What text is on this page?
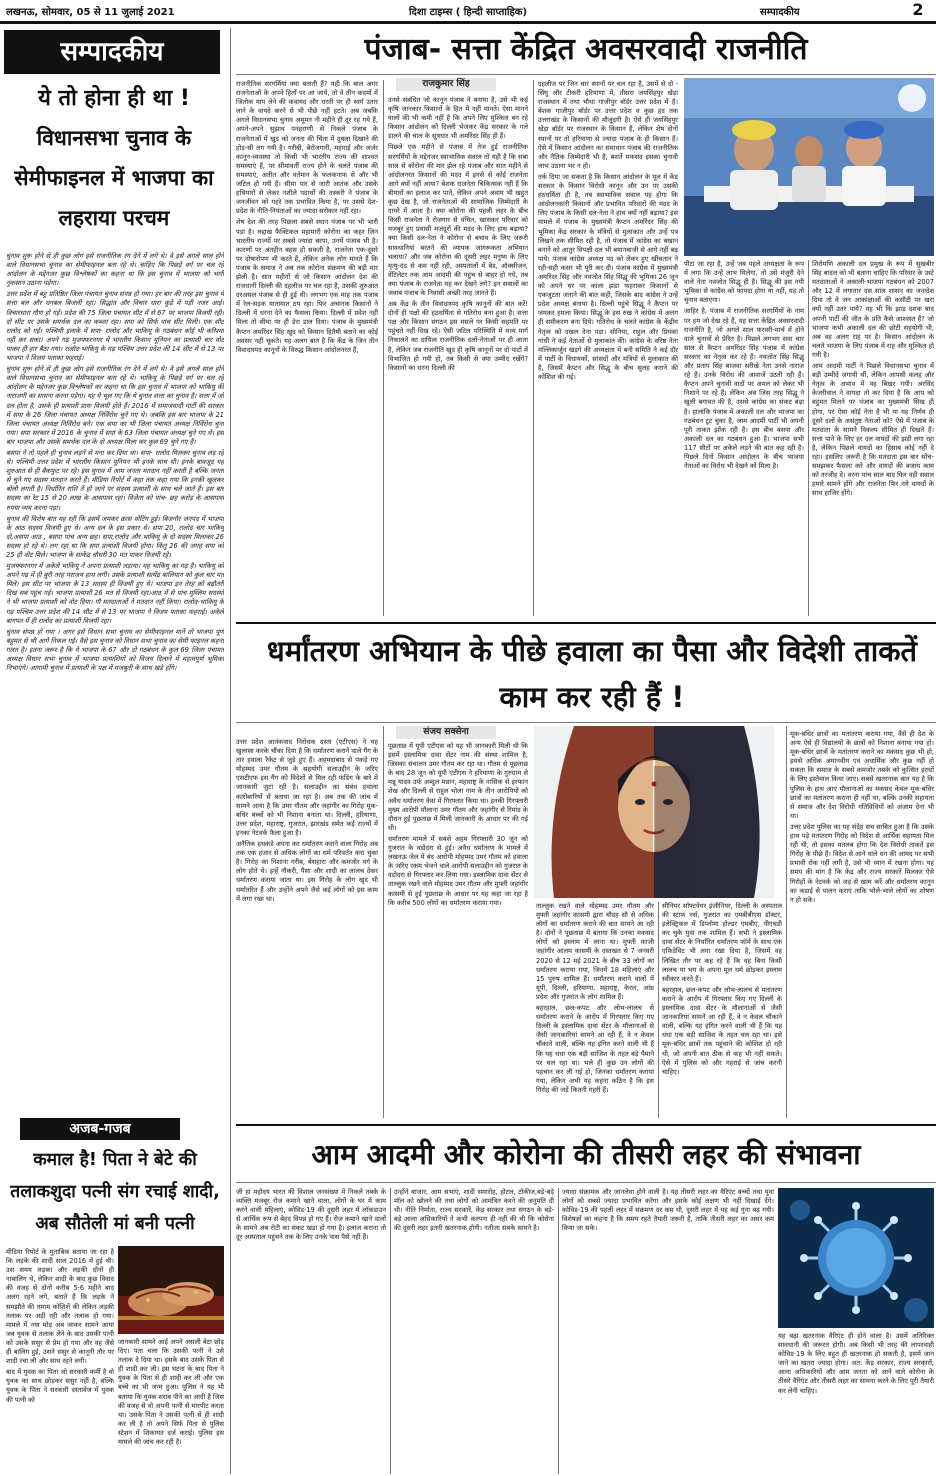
लखनऊ, सोमवार, 05 से 11 जुलाई 2021	दिशा टाइम्स ( हिन्दी साप्ताहिक)	सम्पादकीय	2
सम्पादकीय
ये तो होना ही था !
विधानसभा चुनाव के सेमीफाइनल में भाजपा का लहराया परचम

चुनाव शुरू होने से ही कुछ लोग इसे राजनीतिक रंग देने में लगे थे। वे इसे अगले साल होने वाले विधानसभा चुनाव का सेमीफाइनल बता रहे थे। चाहिए कि पिछड़े वर्ग पर चल रहे आंदोलन के मद्देनजर कुछ विश्लेषकों का कहना था कि इस चुनाव में भाजपा को भारी नुकसान उठाना पड़ेगा।

उत्तर प्रदेश में बहु प्रतिष्ठित जिला पंचायत चुनाव संपन्न हो गया। हर बार की तरह इस चुनाव में सत्ता बल और धनबल बिजली रहा। सिद्धांत और विचार धारा कूड़े में पड़ी नजर आई। विचारधारा गौण हो गई। प्रदेश की 75 जिला पंचायत सीट में से 67 पर भाजपा विजयी रही। दो सीट पर उसके समर्थक दल का कब्जा रहा। सपा को सिर्फ पांच सीट मिली। एक सीट रालोद को गई। पश्चिमी इलाके में सपा- रालोद और भाकियू के गठबंधन कोई भी करिश्मा नहीं कर सका। अपने गढ़ मुजफ्फरनगर में भारतीय किसान यूनियन का प्रत्याशी चार वोट पाकर ही हार बैठा गया। रालोद-भाकियू के गढ़ पश्चिम उत्तर प्रदेश की 14 सीट में से 13 पर भाजपा ने विजय पताका फहराई।

चुनाव शुरू होने से ही कुछ लोग इसे राजनीतिक रंग देने में लगे थे। वे इसे अगले साल होने वाले विधानसभा चुनाव का सेमीफाइनल बता रहे थे। भाकियू के पिछड़े वर्ग पर चल रहे आंदोलन के मद्देनजर कुछ विश्लेषकों का कहना था कि इस चुनाव में भाजपा को भाकियू की नाराजगी का सामना करना पड़ेगा। यह ये भूल गए कि ये चुनाव सत्ता का चुनाव है। सत्ता में जो दल होता है, उसके ही प्रत्याशी प्रायः विजयी होते हैं। 2016 में समाजवादी पार्टी की सरकार में सपा के 26 जिला पंचायत अध्यक्ष निर्विरोध चुने गए थे। जबकि इस बार भाजपा के 21 जिला पंचायत अध्यक्ष निर्विरोध बने। एक सपा का भी जिला पंचायत अध्यक्ष निर्विरोध चुना गया। सपा सरकार में 2016 के चुनाव में सपा के 63 जिला पंचायत अध्यक्ष चुने गए थे। इस बार भाजपा और उसके समर्थक दल के दो अध्यक्ष मिला कर कुल 69 चुने गए हैं।

बसपा ने तो पहले ही चुनाव लड़ने से मना कर दिया था। सपा- रालोद मिलकर चुनाव लड़ रहे थे। पश्चिमी उत्तर प्रदेश में भारतीय किसान यूनियन भी इनके साथ थी। इनके बावजूद यह शुरुआत से ही बैकफुट पर रहे। इस चुनाव में आम जनता मतदान नहीं करती है बल्कि जनता से चुने गए सदस्य मतदान करते हैं। मीडिया रिपोर्ट में कहा तक कहा गया कि इनकी खुलकर बोली लगती है। निर्धारित राशि तें हो जाने पर सदस्य प्रत्याशी के साथ चले जाते हैं। इस बार सदस्य का रेट 15 से 20 लाख के आसपास रहा। विजेता को पांच- छह करोड़ के आसपास रुपया व्यय करना पड़ा।

चुनाव की विशेष बात यह रही कि इसमें जमकर क्रास वोटिंग हुई। बिजनौर जनपद में भाजपा के आठ सदस्य विजयी हुए थे। अन्य दल के इस प्रकार थे। सपा 20, रालोद चार भाकियू दो,असपा आठ , बसपा पांच अन्य छह। सपा,रालोद और भाकियू के दो सदस्य मिलाकर 26 सदस्य हो रहे थे। लग रहा था कि सपा प्रत्याशी विजयी होगा। किंतु 26 की जगह सपा को 25 ही वोट मिले। भाजपा के साकेंद्र चौधरी 30 मत पाकर विजयी रहे।

मुजफ्फरनगर में अकेले भाकियू ने अपना प्रत्याशी लड़ाया। यह भाकियू का गढ़ है। भाकियू को अपने गढ़ में ही बुरी तरह पराजय हाथ लगी। उसके प्रत्याशी सत्येंद्र बालियान को कुल चार मत मिले। इस सीट पर भाजपा के 13 सदस्य ही विजयी हुए थे। भाजपा इन तेरह को बढ़ौतरी दिख सब पहुंच गई। भाजपा प्रत्याशी 26 मत से विजयी रहा।आठ में से पांच मुस्लिम सदस्यों ने भी भाजपा प्रत्याशी को वोट दिया। गौ मतदाताओं ने मतदान नहीं किया। रालोद-भाकियू के गढ़ पश्चिम उत्तर प्रदेश की 14 सीट में से 13 पर भाजपा ने विजय पताका फहराई। अकेले बागपत में ही रालोद का प्रत्याशी विजयी रहा।

चुनाव संपन्न हो गया । अगर इसे विधान सभा चुनाव का सेमीफाइनल मानें तो भाजपा पूर्ण बहुमत से भी आगे निकल गई। वैसे इस चुनाव को विधान सभा चुनाव का सेमी फाइनल कहना गलत है। इतना जरूर है कि ये भाजपा के 67 और दो गठबंधन के कुल 69 जिला पंचायत अध्यक्ष विधान सभा चुनाव में भाजपा प्रत्याशियों को विजय दिलाने में महत्वपूर्ण भूमिका निभाएंगे। आगामी चुनाव में प्रत्याशी के पक्ष में मजबूती के साथ खड़े होंगे।

अजब-गजब
कमाल है! पिता ने बेटे की तलाकशुदा पत्नी संग रचाई शादी, अब सौतेली मां बनी पत्नी

मीडिया रिपोर्ट के मुताबिक बताया जा रहा है कि लड़के की शादी साल 2016 में हुई थी। उस समय लड़का और लड़की दोनों ही नाबालिग थे, लेकिन शादी के बाद कुछ विवाद की वजह से दोनों करीब 5-6 महीने बाद अलग रहने लगे, बताते हैं कि लड़के ने समझौते की तमाम कोशिशें की लेकिन लड़की तलाक पर अड़ी रही और तलाक हो गया। मामले में नया मोड़ अब जाकर सामने आया जब युवक से तलाक लेने के बाद उसकी पत्नी को उसके ससुर से प्रेम हो गया और वह जैसे ही बालिग हुई, उसने ससुर से कानूनी तौर पर शादी रचा ली और साथ रहने लगी।

बाद में युवक का पिता जो सरकारी कर्मी है वो युवक का साथ छोड़कर ससुर नहीं है, बल्कि युवक के पिता ने सरकारी दस्तावेज में युवक की पत्नी को

जानकारी सामने आई अपने असली बेटा छोड़ दिए। पता चला कि उसकी पत्नी ने उसे तलाक दे दिया था। इसके बाद उसके पिता से ही शादी कर ली। इस घटना के बाद पिता ने युवक के पिता से ही शादी कर ली और एक बच्चे का भी जन्म हुआ। पुलिस ने यह भी बताया कि युवक शराब पीने का आदी है जिस की वजह से वो अपनी पत्नी से मारपीट करता था। उसके पिता ने उसकी पत्नी से ही शादी कर ली है तो अपने सिर्फ पिता से पुलिस स्टेशन में शिकायत दर्ज कराई। पुलिस इस मामले की जांच कर रही है।

पंजाब- सत्ता केंद्रित अवसरवादी राजनीति
राजकुमार सिंह

राजनीतिक सरगर्मियां क्या बताती हैं? यही कि बाल अगर राजनेताओं के अपने हितों पर आ जाये, तो वे तीन कदमों में जितोक माप लेने की कवायद और धरती पर ही स्वर्ग उतार लाने के वायदे करने से भी पीछे नहीं हटते। अब जबकि अगले विधानसभा चुनाव अमूमन नौ महीने ही दूर रह गये हैं, अपने-अपने सुझाव पनहराणी से निकले पंजाब के राजनेताओं में खुद को जनता की चिंता में दुबला दिखाने की होड़-सी लग गयी है। गरीबी, बेरोजगारी, महंगाई और जर्जर कानून-व्यवस्था तो किसी भी भारतीय राज्य की शाश्वत समस्याएं हैं, पर सीमावर्ती राज्य होने के चलते पंजाब की समस्याएं, अतीत और वर्तमान के फलकनाफ से और भी जटिल हो गयी हैं। सीमा पार से जारी आतंक और उसके हथियारों से लेकर नशीले पदार्थों की तस्करी ने पंजाब के जनजीवन को गहरे तक प्रभावित किया है, पर उससे देश-प्रदेश के नीति-नियंताओं का ज्यादा सरोकार नहीं रहा।

शेष देश की तरह पिछला सबसे स्थान पंजाब पर भी भारी पड़ा है। लद्दाख फैक्टिकल महामारी कोरोना का कहर जिन भारतीय राज्यों पर सबसे ज्यादा बरपा, उनमें पंजाब भी है। कारणों पर अंतहीन बहस हो सकती है, राजनेता एक-दूसरे पर दोषारोपण भी करते हैं, लेकिन अनेक लोग मानते हैं कि पंजाब के समाज ने अब तक कोरोना संक्रमण की बड़ी मार झेली है। सात महीनों से जो किसान आंदोलन देश की राजधानी दिल्ली की दहलीज पर चल रहा है, उसकी शुरुआत दरअसल पंजाब से ही हुई थी। लगभग एक माह तक पंजाब में रेल-सड़क यातायात ठप रहा। फिर अचानक किसानों ने दिल्ली में धरना देने का फैसला किया। दिल्ली में प्रवेश नहीं मिला तो सीमा पर ही डेरा डाल दिया। पंजाब के मुख्यमंत्री कैप्टन अमरिंदर सिंह खुद को किसान हितैषी बताने का कोई अवसर नहीं चूकते। यह अलग बात है कि केंद्र के जिन तीन विवादास्पद कानूनों के विरुद्ध किसान आंदोलनरत हैं,

उनसे संबंधित जो कानून पंजाब ने बनाया है, उसे भी कई कृषि जानकार किसानों के हित में नहीं मानते। ऐसा मानने वालों की भी कमी नहीं है कि अपने लिए मुश्किल बन रहे किसान आंदोलन को दिल्ली भेजकर केंद्र सरकार के गले डालने की चाल के सूत्रधार भी अमरिंदर सिंह ही हैं।

पिछले एक महीने से पंजाब में तेज हुई राजनीतिक सरगर्मियों के मद्देनजर स्वाभाविक सवाल तो यही है कि सबा साल से कोरोना की मार झेल रहे पंजाब और सात महीने से आंदोलनरत किसानों की मदद में इनसे से कोई राजनेता आगे क्यों नहीं आया? बेशक राजनेता चिकित्सक नहीं हैं कि बीमारों का इलाज कर पाते, लेकिन अपने अवाम भी खहुत कुछ देख है, जो राजनेताओं की सामाजिक जिम्मेदारी के दायरे में आता है। क्या कोरोना की पहली लहर के बीच किसी राजनेता ने रोजगार से वंचित, खासकर परिवार को मजबूर हुए प्रवासी मजदूरों की मदद के लिए हाथ बढ़ाया? क्या किसी दल-नेता ने कोरोना से बचाव के लिए जरूरी सावधानियां बरतने की व्यापक जागरूकता अभियान चलाया? और जब कोरोना की दूसरी लहर मनुष्य के लिए मृत्यु-दंड से कम नहीं रही, अस्पतालों में बेड, ऑक्सीजन, वेंटिलेटर तक आम आदमी की पहुंच से बाहर हो गये, तब क्या पंजाब के राजनेता यह कर देखने लगे? इन सवालों का जवाब पंजाब के निवासी अच्छी तरह जानते हैं।

अब केंद्र के तीन विवादास्पद कृषि कानूनों की बात करें! दोनों ही पक्षों की हठधर्मिता से गतिरोध बना हुआ है। सत्ता पक्ष और किसान संगठन इस मसले पर किसी सहमति पर पहुंचते नहीं दिख रहे। ऐसी जटिल परिस्थिति में मध्य मार्ग निकालने का दायित्व राजनीतिक दलों-नेताओं पर ही आता है, लेकिन जब राजनीति खुद ही कृषि कानूनों पर दो पाटों में विभाजित हो गयी हो, तब किसी से क्या उम्मीद रखेंगे? किसानों का धरना दिल्ली की

दहलीज पर जिन चार स्थानों पर चल रहा है, उसमें से दो - सिंघु और टीकरी हरियाणा में, तीसरा जयसिंहपुर खेड़ा राजस्थान में तथा चौथा गाजीपुर बॉर्डर उत्तर प्रदेश में है। बेशक गाजीपुर बॉर्डर पर उत्तर प्रदेश व कुछ हद तक उत्तराखंड के किसानों की मौजूदगी है। ऐसे ही जयसिंहपुर खेड़ा बॉर्डर पर राजस्थान के किसान हैं, लेकिन शेष दोनों स्थानों पर तो हरियाणा से ज्यादा पंजाब के ही किसान हैं। ऐसे में किसान आंदोलन का समाधान पंजाब की राजनीतिक और नैतिक जिम्मेदारी भी है, बशर्ते मकसद इसका चुनावी लाभ उठाना भर न हो।

तर्क दिया जा सकता है कि किसान आंदोलन के मूल में केंद्र सरकार के किसान विरोधी कानून और उन पर उसकी हठधर्मिता ही है, तब स्वाभाविक सवाल यह होगा कि आंदोलनकारी किसानों और प्रभावित परिवारों की मदद के लिए पंजाब के किसी दल-नेता ने हाथ क्यों नहीं बढ़ाया? इस मामले में पंजाब के मुख्यमंत्री कैप्टन अमरिंदर सिंह की भूमिका केंद्र सरकार के मंत्रियों से मुलाकात और उन्हें पत्र लिखने तक सीमित रही है, तो पंजाब में कांग्रेस का बखान बनाने को आतुर विपक्षी दल भी बयानबाजी से आगे नहीं बढ़ पाये। पंजाब कांग्रेस अध्यक्ष पद को लेकर हुए खींचतान ने रही-सही कसर भी पूरी कर दी। पंजाब कांग्रेस में मुख्यमंत्री अमरिंदर सिंह और नवजोत सिंह सिद्धू की भूमिका 26 जून को अपने घर पर काला झंडा फहराकर किसानों से एकजुटता जताने की बात कही, जिसके बाद कांग्रेस ने उन्हें प्रदेश अध्यक्ष बनाया है। दिल्ली पहुंचे सिद्धू ने कैप्टन पर जमकर हमला किया। सिद्धू के इस रुख ने कांग्रेस में अलग ही समीकरण बना दिये। गतिरोध के चलते कांग्रेस के केंद्रीय नेतृत्व को दखल देना पड़ा। सोनिया, राहुल और प्रियंका गांधी ने कई नेताओं से मुलाकात की। कांग्रेस के वरिष्ठ नेता मल्लिकार्जुन खड़गे की अध्यक्षता में बनी समिति ने कई दौर में पार्टी के विधायकों, सांसदों और मंत्रियों से मुलाकात की है, जिसमें कैप्टन और सिद्धू के बीच सुलह कराने की कोशिश की गई।

पीटा जा रहा है, उन्हें जब पहले अध्यक्षता के रूप में लगा कि उन्हें लाभ मिलेगा, तो उसे मंजूरी देने वाले नेता नवजोत सिद्धू ही हैं। सिद्धू की इस नयी भूमिका से कांग्रेस को फायदा होगा या नहीं, यह तो चुनाव बताएगा।

जाहिर है, पंजाब में राजनीतिक सरगर्मियों के नाम पर हम जो देख रहे हैं, वह सत्ता केंद्रित अवसरवादी राजनीति है, जो अगले साल फरवरी-मार्च में होने वाले चुनावों से प्रेरित है। पिछले लगभग सवा चार साल से कैप्टन अमरिंदर सिंह पंजाब में कांग्रेस सरकार का नेतृत्व कर रहे हैं। नवजोत सिंह सिद्धू और प्रताप सिंह बाजवा सरीखे नेता उनसे नाराज रहे हैं। उनके विरोध की आवाजें उठती रही हैं। कैप्टन अपने चुनावी वादों पर अमल को लेकर भी निशाने पर रहे हैं। लेकिन अब जिस तरह सिद्धू ने खुली बगावत की है, उससे कांग्रेस का संकट बढ़ा है। हालांकि पंजाब में अकाली दल और भाजपा का गठबंधन टूट चुका है, आम आदमी पार्टी भी अपनी पूरी ताकत झोंक रही है। इस बीच बसपा और अकाली दल का गठबंधन हुआ है। भाजपा सभी 117 सीटों पर अकेले लड़ने की बात कह रही है। पिछले दिनों किसान आंदोलन के बीच भाजपा नेताओं का विरोध भी देखने को मिला है।

शिरोमणि अकाली दल प्रमुख के रूप में सुखबीर सिंह बादल को भी बताना चाहिए कि परिवार के उस्टे मतदाताओं ने अकाली-भाजपा गठबंधन को 2007 और 12 में लगातार दस साल शासन का जनादेश दिया तो वे जन आकांक्षाओं की कसौटी पर खरा क्यों नहीं उतर पाये? वह भी कि झाड़ दशक बाद अपनी पार्टी की जीत के प्रति कैसे आश्वस्त हैं? जो भाजपा कभी अकाली दल की छोटी सहयोगी थी, अब वह अलग राह पर है। किसान आंदोलन के चलते भाजपा के लिए पंजाब में राह और मुश्किल हो गयी है।

आम आदमी पार्टी ने पिछले विधानसभा चुनाव में बड़ी उम्मीदें जगायी थीं, लेकिन आपसी कलह और नेतृत्व के अभाव में वह बिखर गयी। अरविंद केजरीवाल ने वायदा तो कर दिया है कि आप को बहुमत मिलने पर पंजाब का मुख्यमंत्री सिख ही होगा, पर ऐसा कोई नेता है भी या यह निर्णय ही दूसरे दलों के असंतुष्ट नेताओं को? ऐसे में पंजाब के मतदाता के सामने विकल्प सीमित ही दिखते हैं। सत्ता पाने के लिए हर दल वायदों की झड़ी लगा रहा है, लेकिन पिछले वायदों का हिसाब कोई नहीं दे रहा। इसलिए जरूरी है कि मतदाता इस बार सोच-समझकर फैसला करे और वायदों की बजाय काम को तरजीह दे। वरना पांच साल बाद फिर वही सवाल हमारे सामने होंगे और राजनेता फिर नये वायदों के साथ हाजिर होंगे।

धर्मांतरण अभियान के पीछे हवाला का पैसा और विदेशी ताकतें काम कर रही हैं !
संजय सक्सेना

उत्तर प्रदेश आतंकवाद निरोधक दस्ता (एटीएस) ने यह खुलासा करके चौंका दिया है कि धर्मांतरण कराने वाले गैंग के तार हवाला रैकेट से जुड़े हुए हैं। अहमदाबाद से पकड़े गए मोहम्मद उमर गौतम के सहयोगी सलाउद्दीन के जरिए एसटीएफ इस गैंग को विदेशों से मिल रही फंडिंग के बारे में जानकारी जुटा रही है। सलाउद्दीन का संबंध हवाला कारोबारियों से बताया जा रहा है। अब तक की जांच में सामने आया है कि उमर गौतम और जहांगीर का गिरोह मूक-बधिर बच्चों को भी निशाना बनाता था। दिल्ली, हरियाणा, उत्तर प्रदेश, महाराष्ट्र, गुजरात, झारखंड समेत कई राज्यों में इनका नेटवर्क फैला हुआ है।

अनैतिक हथकंडे अपना कर धर्मांतरण कराने वाला गिरोह अब तक एक हजार से अधिक लोगों का धर्म परिवर्तन करा चुका है। गिरोह का निशाना गरीब, बेसहारा और कमजोर वर्ग के लोग होते थे। इन्हें नौकरी, पैसा और शादी का लालच देकर धर्मांतरण कराया जाता था। इस गिरोह के लोग खुद भी धर्मांतरित हैं और उन्होंने अपने जैसे कई लोगों को इस काम में लगा रखा था।

पूछताछ में यूपी एटीएस को यह भी जानकारी मिली थी कि इसमें इस्लामिक दावा सेंटर नाम की संस्था शामिल है, जिसका संचालन उमर गौतम कर रहा था। गौतम से पूछताछ के बाद 28 जून को यूपी एटीएस ने हरियाणा के गुरुग्राम से मन्नू यादव उर्फ अब्दुल मन्नान, महाराष्ट्र के नासिक से इरफान शेख और दिल्ली से राहुल भोला नाम के तीन आरोपियों को अवैध धर्मांतरण केस में गिरफ्तार किया था। इनकी गिरफ्तारी मुख्य आरोपी मौलाना उमर गौतम और जहांगीर से रिमांड के दौरान हुई पूछताछ में मिली जानकारी के आधार पर की गई थी।

धर्मांतरण मामले में सबसे अहम गिरफ्तारी 30 जून को गुजरात के वडोदरा से हुई। अवैध धर्मांतरण के मामले में लखनऊ जेल में बंद आरोपी मोहम्मद उमर गौतम को हवाला के जरिए रकम भेजने वाले आरोपी सलाउद्दीन को गुजरात के वडोदरा से गिरफ्तार कर लिया गया। इस्लामिक दावा सेंटर से ताल्लुक रखने वाले मोहम्मद उमर गौतम और मुफ्ती जहांगीर कासमी से हुई पूछताछ के आधार पर यह कहा जा रहा है कि करीब 500 लोगों का धर्मांतरण कराया गया।	ताल्लुक रखने वाले मोहम्मद उमर गौतम और मुफ्ती जहांगीर कासमी द्वारा चौदह सौ से अधिक लोगों का धर्मांतरण कराने की बात सामने आ रही है। दोनों ने पूछताछ में बताया कि उनका मकसद लोगों को इस्लाम में लाना था। मुफ्ती काजी जहांगीर आलम कासमी के दस्तखत से 7 जनवरी 2020 से 12 मई 2021 के बीच 33 लोगों का धर्मांतरण कराया गया, जिनमें 18 महिलाएं और 15 पुरुष शामिल हैं। धर्मांतरण कराने वालों में यूपी, दिल्ली, हरियाणा, महाराष्ट्र, केरल, आंध्र प्रदेश और गुजरात के लोग शामिल हैं।

बहरहाल, छल-कपट और लोभ-लालच से धर्मांतरण कराने के आरोप में गिरफ्तार किए गए दिल्ली के इस्लामिक दावा सेंटर के मौलानाओं से जैसी जानकारियां सामने आ रही हैं, वे न केवल चौंकाने वाली, बल्कि यह इंगित करने वाली भी हैं कि यह धंधा एक बड़ी साजिश के तहत बड़े पैमाने पर चल रहा था। भले ही कुछ उन लोगों की पहचान कर ली गई हो, जिनका धर्मांतरण कराया गया, लेकिन अभी यह कहना कठिन है कि इस गिरोह की जड़ें कितनी गहरी हैं।

सीनियर सॉफ्टवेयर इंजीनियर, दिल्ली के अस्पताल की स्टाफ नर्स, गुजरात का एमबीबीएस डॉक्टर, इलेक्ट्रिकल में डिप्लोमा होल्डर एमबीए, पीएचडी कर चुके युवा तक शामिल हैं। सभी ने इस्लामिक दावा सेंटर के निर्धारित धर्मांतरण फॉर्म के साथ एक एफिडेविट भी लगा रखा दिया है, जिसमें वह लिखित तौर पर कह रहे हैं कि वह बिना किसी लालच या भय के अपना मूल धर्म छोड़कर इस्लाम स्वीकार करते हैं।

बहरहाल, छल-कपट और लोभ-लालच से मतांतरण कराने के आरोप में गिरफ्तार किए गए दिल्ली के इस्लामिक दावा सेंटर के मौलानाओं से जैसी जानकारियां सामने आ रही हैं, वे न केवल चौंकाने वाली, बल्कि यह इंगित करने वाली भी हैं कि यह धंधा एक बड़ी साजिश के तहत चल रहा था। इसे मूक-बधिर छात्रों तक पहुंचाने की कोशिश हो रही थी, जो अपनी बात ठीक से कह भी नहीं सकते। ऐसे में पुलिस को और गहराई से जांच करनी चाहिए।

मूक-बधिर छात्रों का मतांतरण कराया गया, वैसे ही देश के अन्य ऐसे ही विद्यालयों के छात्रों को निशाना बनाया गया हो। मूक-बधिर छात्रों के मतांतरण कराने का मकसद कुछ भी हो, इससे अधिक अमानवीय एवं अधार्मिक और कुछ नहीं हो सकता कि समाज के सबसे कमजोर तबके को कुत्सित इरादों के लिए इस्तेमाल किया जाए। सबसे खतरनाक बात यह है कि पुलिस के हाथ आए मौलानाओं का मकसद केवल मूक-बधिर छात्रों का मतांतरण कराना ही नहीं था, बल्कि उनकी सहायता से समाज और देश विरोधी गतिविधियों को अंजाम देना भी था।

उत्तर प्रदेश पुलिस का यह संदेह सच साबित हुआ है कि उसके हाथ पड़े मतांतरण गिरोह को विदेश से आर्थिक सहायता मिल रही थी, तो इसका मतलब होगा कि देश विरोधी ताकतें इस गिरोह के पीछे हैं। विदेश से आने वाले धन की आमद पर सभी प्रभावी रोक नहीं लगी है, उसे भी ध्यान में रखना होगा। यह समय की मांग है कि केंद्र और राज्य सरकारें मिलकर ऐसे गिरोहों के नेटवर्क को जड़ से खत्म करें और धर्मांतरण कानून का कड़ाई से पालन कराएं ताकि भोले-भाले लोगों का शोषण न हो सके।

आम आदमी और कोरोना की तीसरी लहर की संभावना

जी हां महोदय भारत की विशाल जनसंख्या में निकले तबके के व्यक्ति मजबूर रोज कमाने खाने वाला, लोगों के घर में काम करने वाली महिलाएं, कोविड-19 की दूसरी लहर में लॉकडाउन से आर्थिक रूप से बेहद विपन्न हो गए हैं। रोज कमाने खाने वालों के सामने अब रोटी का संकट खड़ा हो गया है। इलाज कराना तो दूर अस्पताल पहुंचने तक के लिए उनके पास पैसे नहीं हैं।

उन्होंने बाजार, आम सभाएं, शादी समारोह, होटल, टॉकीज,बड़े-बड़े मॉल को खोलने की तथा लोगों को आमंत्रित करने की अनुमति दी थी। नीति निर्माता, राज्य सरकारें, केंद्र सरकार तथा संगठन के बड़े-बड़े आला अधिकारियों ने कभी कल्पना ही नहीं की थी कि कोरोना की दूसरी लहर इतनी खतरनाक होगी। नतीजा सबके सामने है।

ज्यादा संक्रामक और जानलेवा होने वाली है। यह तीसरी लहर का वैरिएंट बच्चों तथा युवा लोगों को सबसे ज्यादा प्रभावित करेगा और इसके कोई लक्षण भी नहीं दिखाई देंगे। कोविड-19 की पहली लहर में संक्रमण दर कम थी, दूसरी लहर में यह कई गुना बढ़ गयी। विशेषज्ञों का कहना है कि समय रहते तैयारी जरूरी है, ताकि तीसरी लहर का असर कम किया जा सके।

यह बढ़ा खतरनाक वैरिएंट ही होने वाला है। उसमें अतिरिक्त सावधानी की जरूरत होगी। अब किसी भी तरह की लापरवाही कोविड-19 के लिए बहुत ही खतरनाक हो सकती है, इसमें जान जाने का खतरा ज्यादा होगा। अत: केंद्र सरकार, राज्य सरकारों, आला अधिकारियों और आम जनता को आने वाले कोरोना के तीसरे वैरिएंट और तीसरी लहर का सामना करने के लिए पूरी तैयारी कर लेनी चाहिए।
